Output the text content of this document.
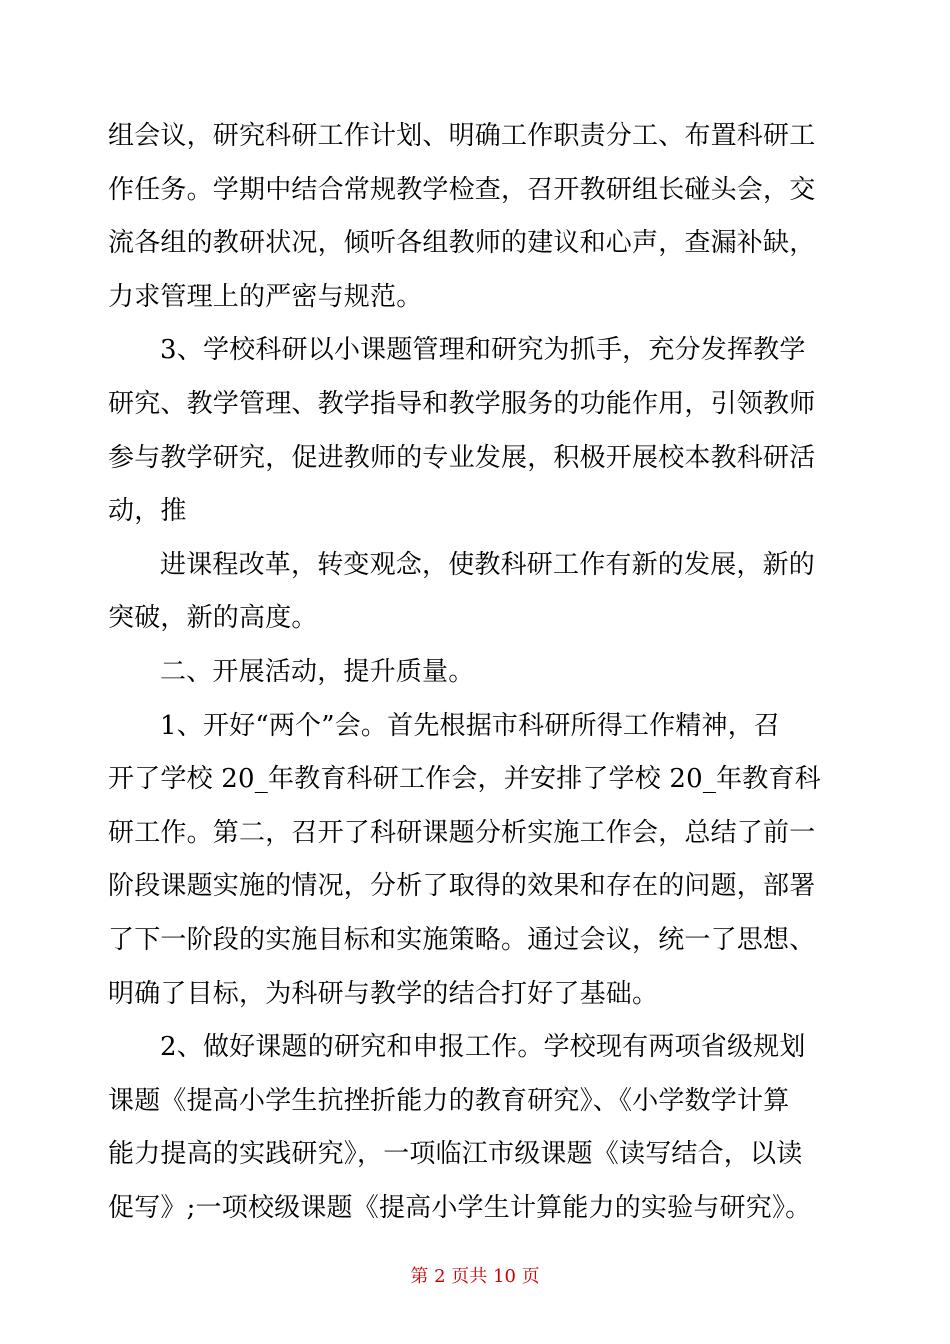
组会议，研究科研工作计划、明确工作职责分工、布置科研工
作任务。学期中结合常规教学检查，召开教研组长碰头会，交
流各组的教研状况，倾听各组教师的建议和心声，查漏补缺，
力求管理上的严密与规范。
3、学校科研以小课题管理和研究为抓手，充分发挥教学
研究、教学管理、教学指导和教学服务的功能作用，引领教师
参与教学研究，促进教师的专业发展，积极开展校本教科研活
动，推
进课程改革，转变观念，使教科研工作有新的发展，新的
突破，新的高度。
二、开展活动，提升质量。
1、开好“两个”会。首先根据市科研所得工作精神，召
开了学校 20_年教育科研工作会，并安排了学校 20_年教育科
研工作。第二，召开了科研课题分析实施工作会，总结了前一
阶段课题实施的情况，分析了取得的效果和存在的问题，部署
了下一阶段的实施目标和实施策略。通过会议，统一了思想、
明确了目标，为科研与教学的结合打好了基础。
2、做好课题的研究和申报工作。学校现有两项省级规划
课题《提高小学生抗挫折能力的教育研究》、《小学数学计算
能力提高的实践研究》，一项临江市级课题《读写结合，以读
促写》;一项校级课题《提高小学生计算能力的实验与研究》。
第 2 页共 10 页
